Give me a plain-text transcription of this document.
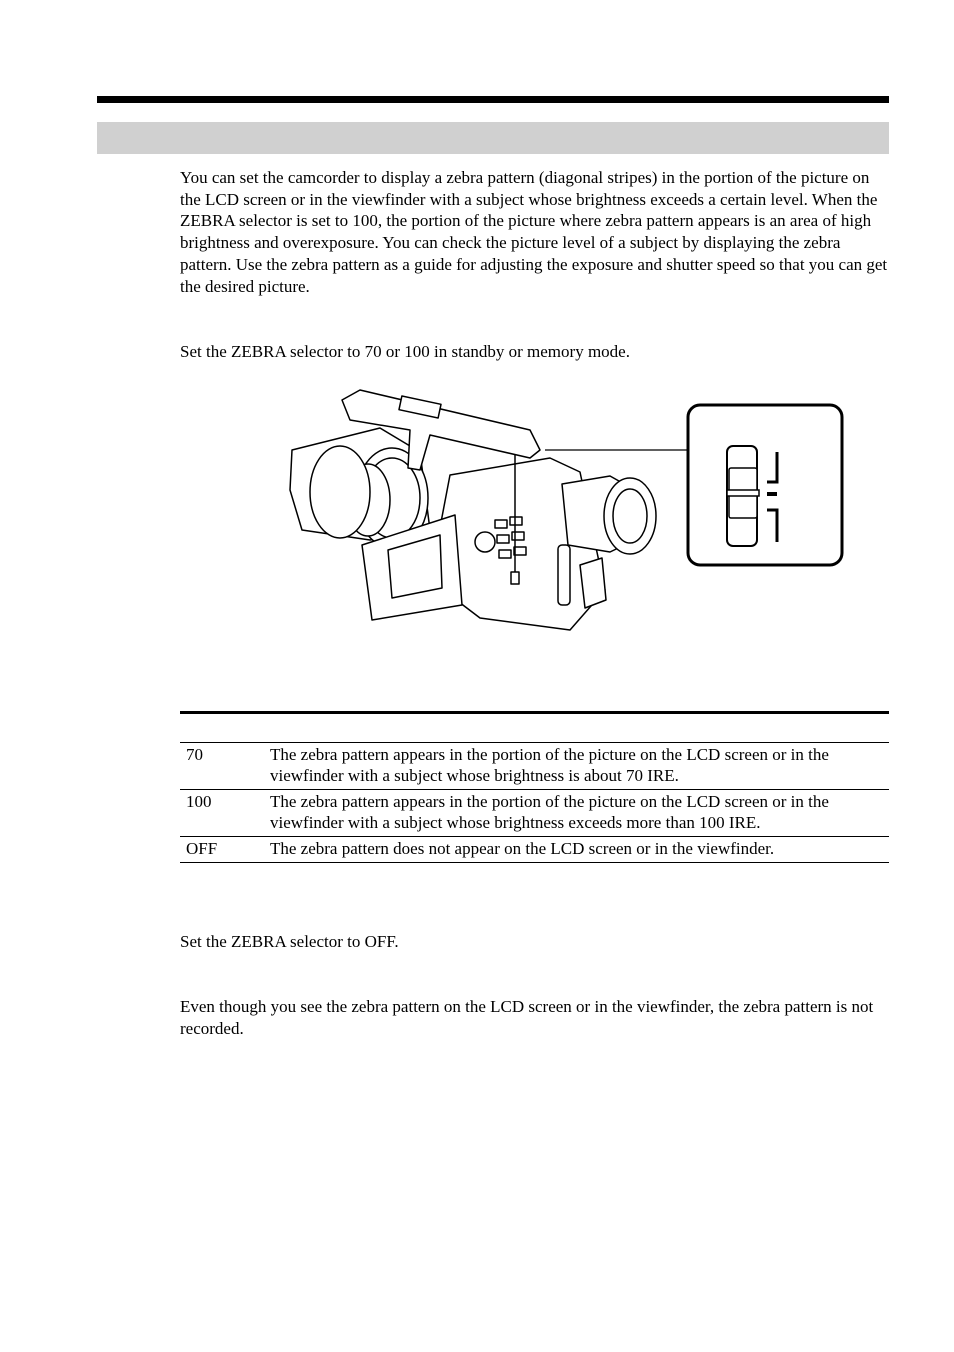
You can set the camcorder to display a zebra pattern (diagonal stripes) in the portion of the picture on the LCD screen or in the viewfinder with a subject whose brightness exceeds a certain level. When the ZEBRA selector is set to 100, the portion of the picture where zebra pattern appears is an area of high brightness and overexposure. You can check the picture level of a subject by displaying the zebra pattern. Use the zebra pattern as a guide for adjusting the exposure and shutter speed so that you can get the desired picture.
Set the ZEBRA selector to 70 or 100 in standby or memory mode.
70	The zebra pattern appears in the portion of the picture on the LCD screen or in the viewfinder with a subject whose brightness is about 70 IRE.
100	The zebra pattern appears in the portion of the picture on the LCD screen or in the viewfinder with a subject whose brightness exceeds more than 100 IRE.
OFF	The zebra pattern does not appear on the LCD screen or in the viewfinder.
Set the ZEBRA selector to OFF.
Even though you see the zebra pattern on the LCD screen or in the viewfinder, the zebra pattern is not recorded.
